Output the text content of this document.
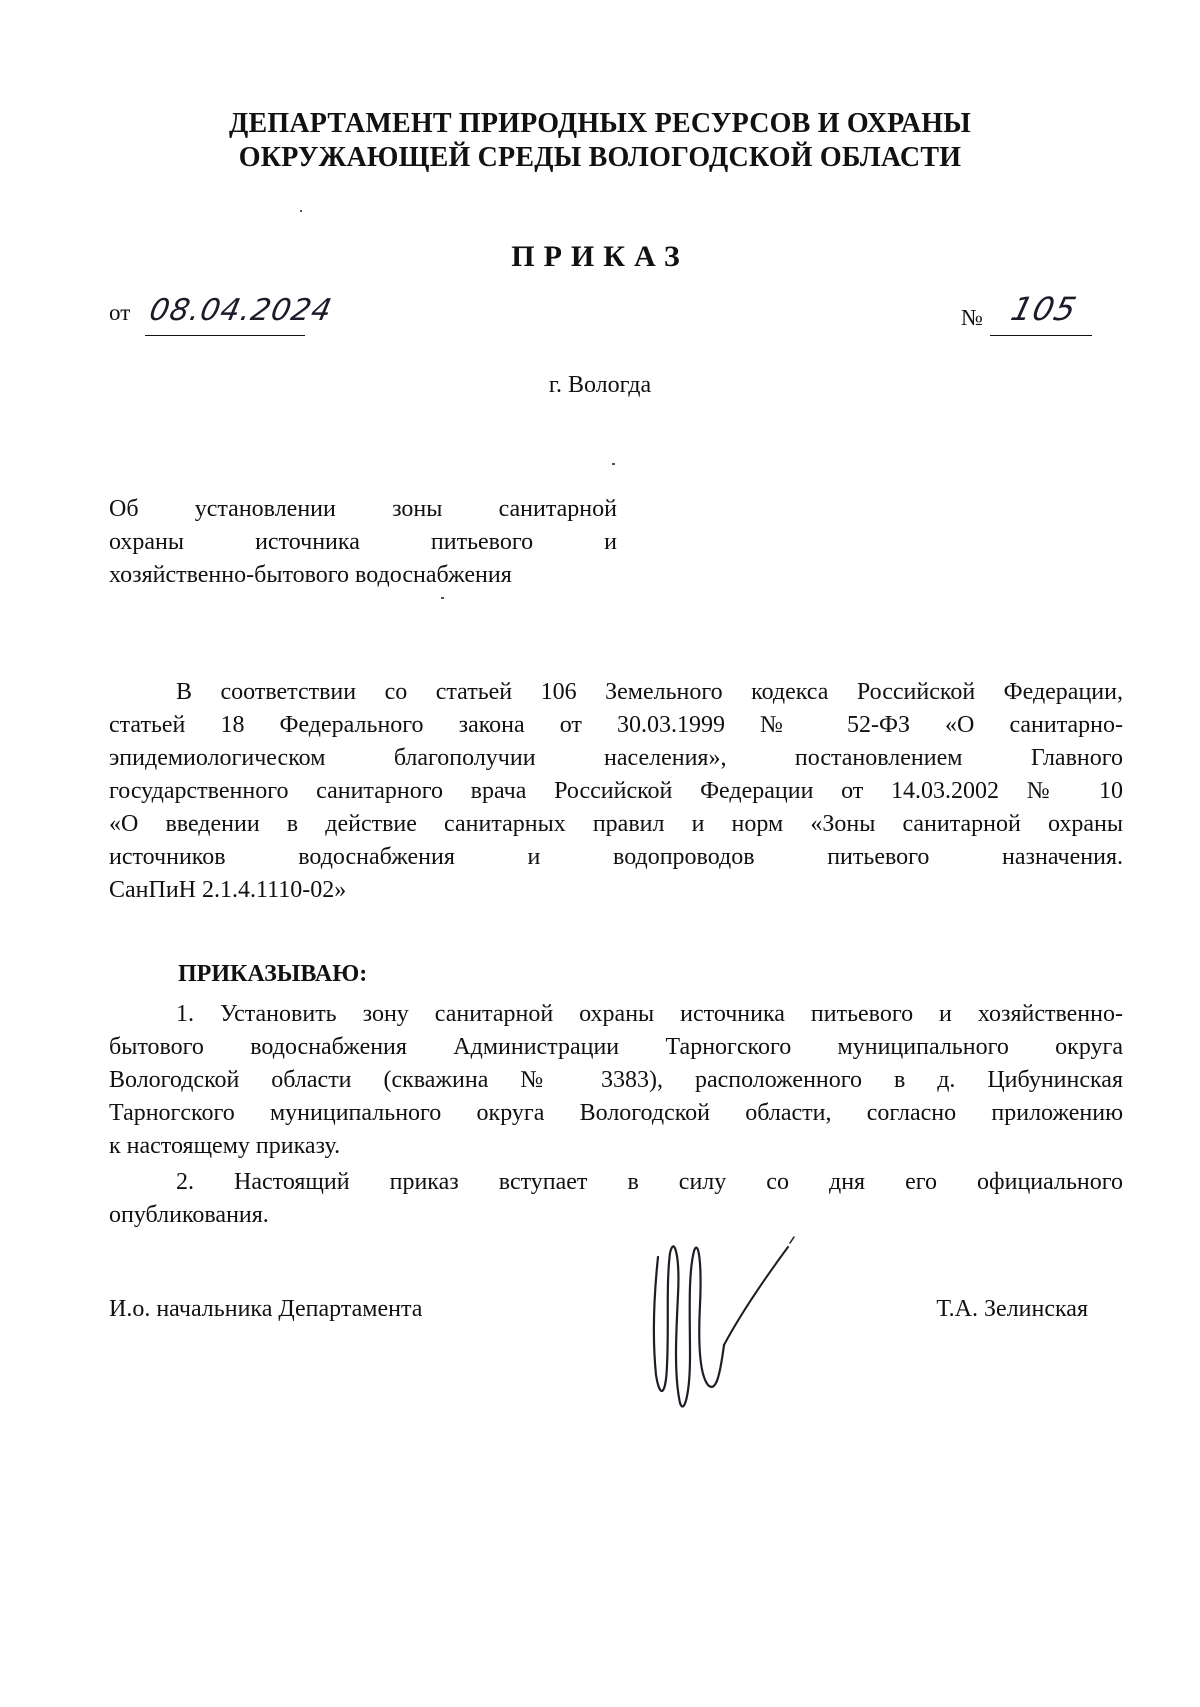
ДЕПАРТАМЕНТ ПРИРОДНЫХ РЕСУРСОВ И ОХРАНЫ
ОКРУЖАЮЩЕЙ СРЕДЫ ВОЛОГОДСКОЙ ОБЛАСТИ
ПРИКАЗ
от 08.04.2024	№ 105
г. Вологда
Об установлении зоны санитарной
охраны источника питьевого и
хозяйственно-бытового водоснабжения
В соответствии со статьей 106 Земельного кодекса Российской Федерации,
статьей 18 Федерального закона от 30.03.1999 № 52-ФЗ «О санитарно-
эпидемиологическом благополучии населения», постановлением Главного
государственного санитарного врача Российской Федерации от 14.03.2002 № 10
«О введении в действие санитарных правил и норм «Зоны санитарной охраны
источников водоснабжения и водопроводов питьевого назначения.
СанПиН 2.1.4.1110-02»
ПРИКАЗЫВАЮ:
1. Установить зону санитарной охраны источника питьевого и хозяйственно-
бытового водоснабжения Администрации Тарногского муниципального округа
Вологодской области (скважина № 3383), расположенного в д. Цибунинская
Тарногского муниципального округа Вологодской области, согласно приложению
к настоящему приказу.
2. Настоящий приказ вступает в силу со дня его официального
опубликования.
И.о. начальника Департамента	Т.А. Зелинская
